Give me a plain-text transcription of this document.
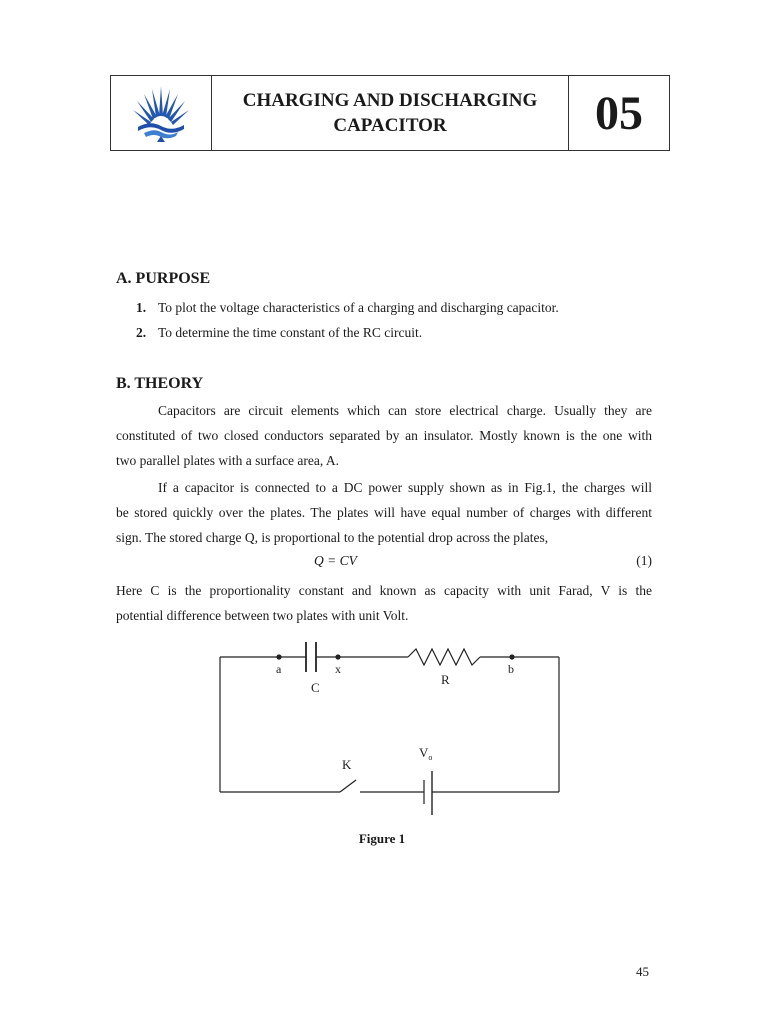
CHARGING AND DISCHARGING
CAPACITOR	05
A. PURPOSE
1. To plot the voltage characteristics of a charging and discharging capacitor.
2. To determine the time constant of the RC circuit.
B. THEORY
Capacitors are circuit elements which can store electrical charge. Usually they are
constituted of two closed conductors separated by an insulator. Mostly known is the one with
two parallel plates with a surface area, A.
If a capacitor is connected to a DC power supply shown as in Fig.1, the charges will
be stored quickly over the plates. The plates will have equal number of charges with different
sign. The stored charge Q, is proportional to the potential drop across the plates,
Q = CV	(1)
Here C is the proportionality constant and known as capacity with unit Farad, V is the
potential difference between two plates with unit Volt.
a	x	b
C
R
K
$V_o$
Figure 1
45
